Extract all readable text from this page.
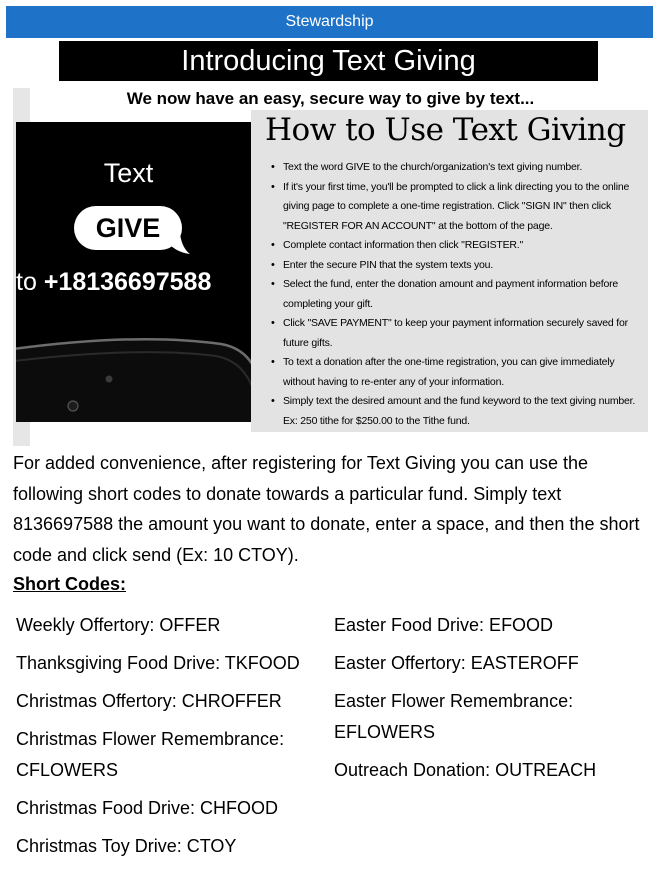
Stewardship
Introducing Text Giving
We now have an easy, secure way to give by text...
Text
GIVE
to +18136697588
How to Use Text Giving
• Text the word GIVE to the church/organization's text giving number.
• If it's your first time, you'll be prompted to click a link directing you to the online giving page to complete a one-time registration. Click "SIGN IN" then click "REGISTER FOR AN ACCOUNT" at the bottom of the page.
• Complete contact information then click "REGISTER."
• Enter the secure PIN that the system texts you.
• Select the fund, enter the donation amount and payment information before completing your gift.
• Click "SAVE PAYMENT" to keep your payment information securely saved for future gifts.
• To text a donation after the one-time registration, you can give immediately without having to re-enter any of your information.
• Simply text the desired amount and the fund keyword to the text giving number. Ex: 250 tithe for $250.00 to the Tithe fund.

For added convenience, after registering for Text Giving you can use the following short codes to donate towards a particular fund. Simply text 8136697588 the amount you want to donate, enter a space, and then the short code and click send (Ex: 10 CTOY).

Short Codes:
Weekly Offertory: OFFER
Thanksgiving Food Drive: TKFOOD
Christmas Offertory: CHROFFER
Christmas Flower Remembrance: CFLOWERS
Christmas Food Drive: CHFOOD
Christmas Toy Drive: CTOY
Easter Food Drive: EFOOD
Easter Offertory: EASTEROFF
Easter Flower Remembrance: EFLOWERS
Outreach Donation: OUTREACH
